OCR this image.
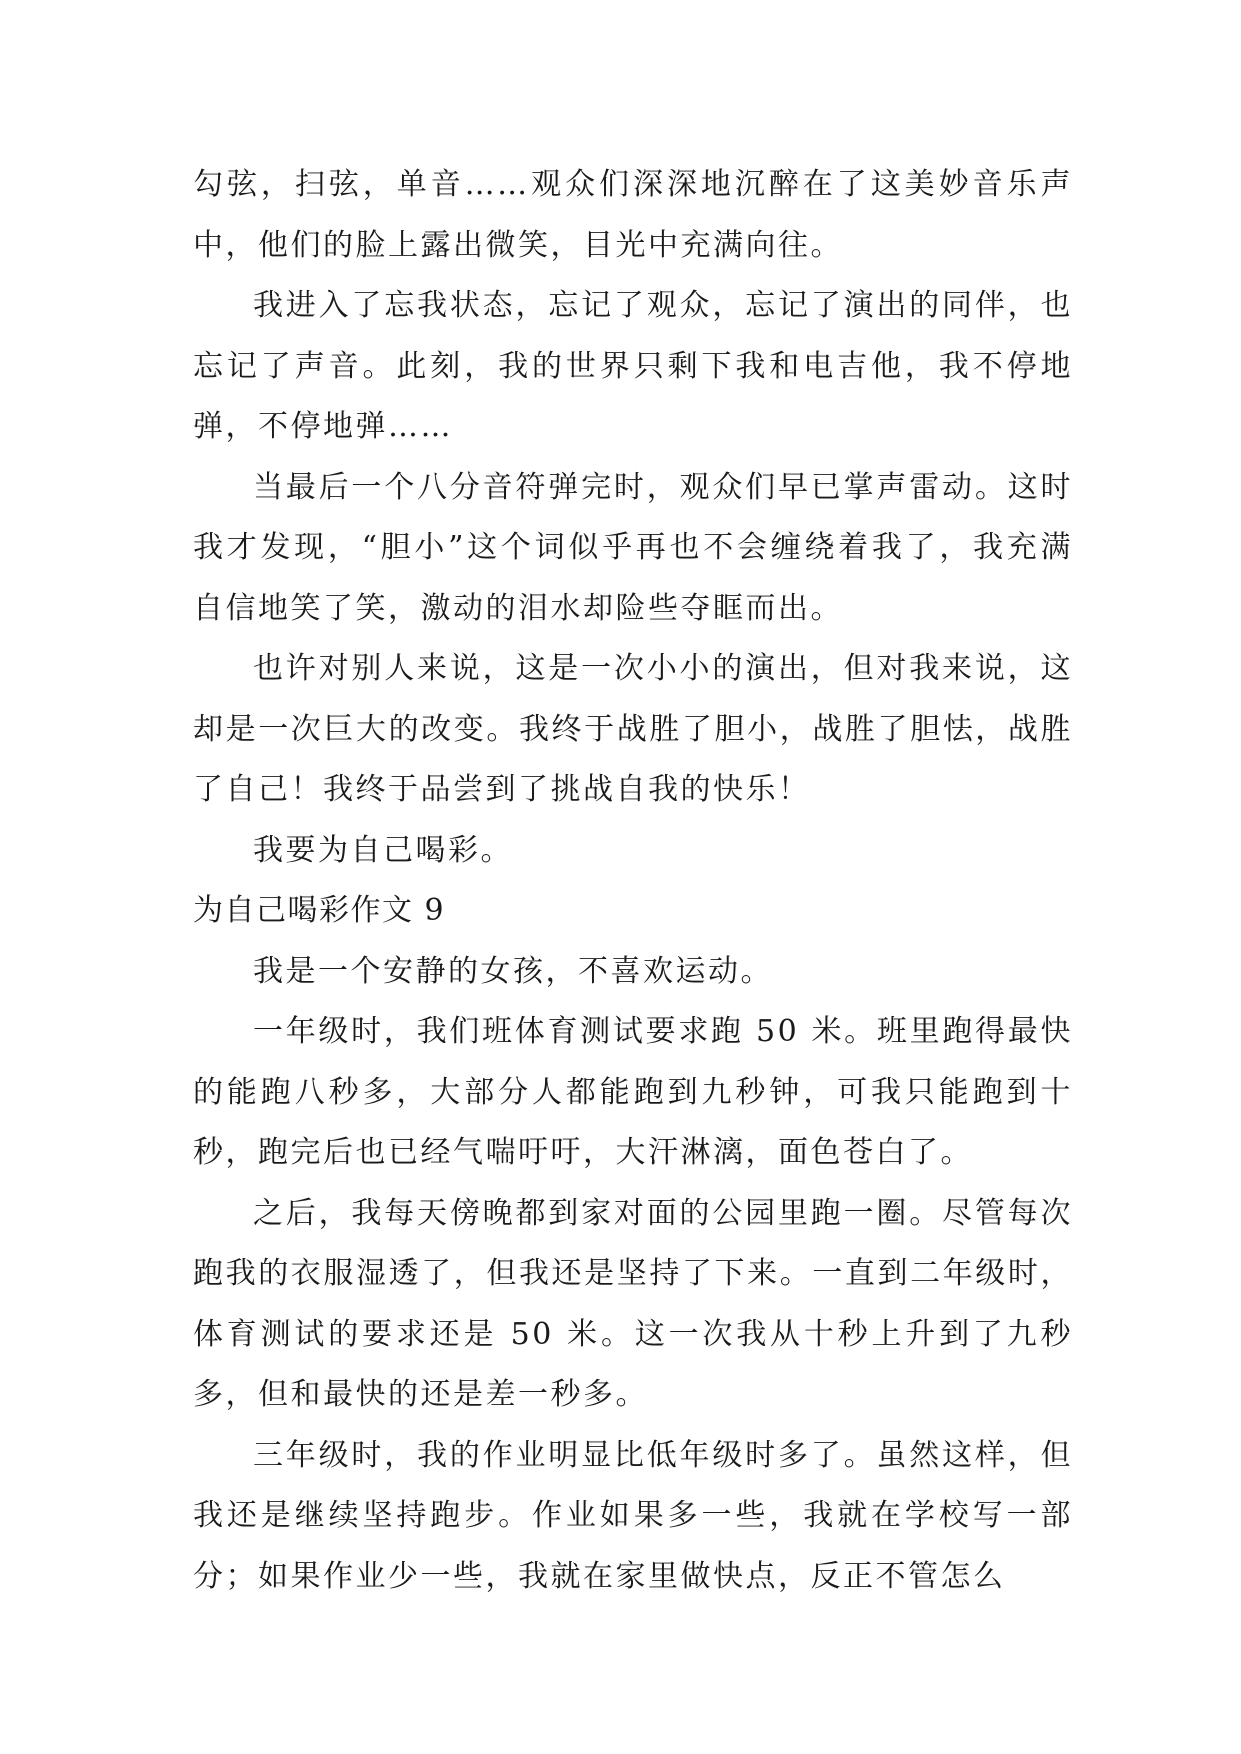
勾弦，扫弦，单音……观众们深深地沉醉在了这美妙音乐声中，他们的脸上露出微笑，目光中充满向往。

我进入了忘我状态，忘记了观众，忘记了演出的同伴，也忘记了声音。此刻，我的世界只剩下我和电吉他，我不停地弹，不停地弹……

当最后一个八分音符弹完时，观众们早已掌声雷动。这时我才发现，“胆小”这个词似乎再也不会缠绕着我了，我充满自信地笑了笑，激动的泪水却险些夺眶而出。

也许对别人来说，这是一次小小的演出，但对我来说，这却是一次巨大的改变。我终于战胜了胆小，战胜了胆怯，战胜了自己！我终于品尝到了挑战自我的快乐！

我要为自己喝彩。

为自己喝彩作文 9

我是一个安静的女孩，不喜欢运动。

一年级时，我们班体育测试要求跑 50 米。班里跑得最快的能跑八秒多，大部分人都能跑到九秒钟，可我只能跑到十秒，跑完后也已经气喘吁吁，大汗淋漓，面色苍白了。

之后，我每天傍晚都到家对面的公园里跑一圈。尽管每次跑我的衣服湿透了，但我还是坚持了下来。一直到二年级时，体育测试的要求还是 50 米。这一次我从十秒上升到了九秒多，但和最快的还是差一秒多。

三年级时，我的作业明显比低年级时多了。虽然这样，但我还是继续坚持跑步。作业如果多一些，我就在学校写一部分；如果作业少一些，我就在家里做快点，反正不管怎么
